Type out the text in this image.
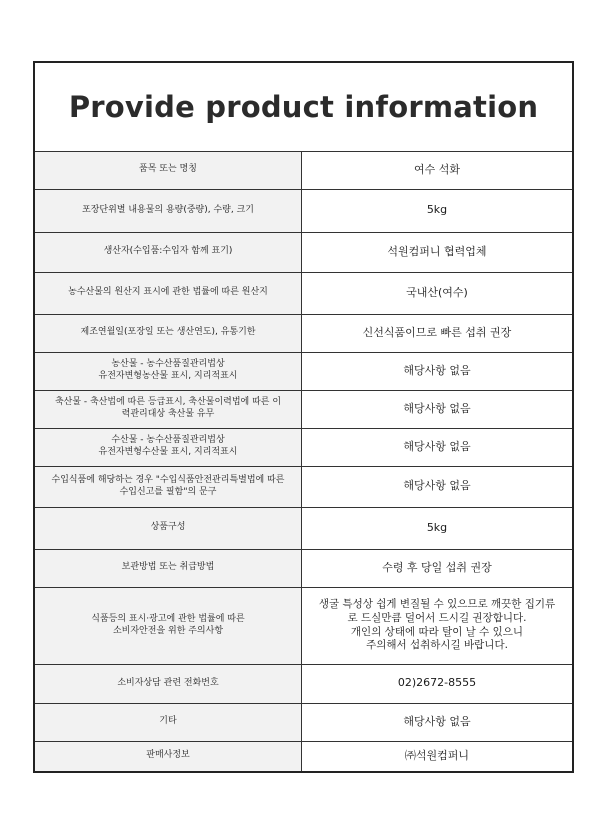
Provide product information
품목 또는 명칭	여수 석화
포장단위별 내용물의 용량(중량), 수량, 크기	5kg
생산자(수입품:수입자 함께 표기)	석원컴퍼니 협력업체
농수산물의 원산지 표시에 관한 법률에 따른 원산지	국내산(여수)
제조연월일(포장일 또는 생산연도), 유통기한	신선식품이므로 빠른 섭취 권장
농산물 - 농수산품질관리법상
유전자변형농산물 표시, 지리적표시	해당사항 없음
축산물 - 축산법에 따른 등급표시, 축산물이력법에 따른 이
력관리대상 축산물 유무	해당사항 없음
수산물 - 농수산품질관리법상
유전자변형수산물 표시, 지리적표시	해당사항 없음
수입식품에 해당하는 경우 "수입식품안전관리특별법에 따른
수입신고를 필함"의 문구	해당사항 없음
상품구성	5kg
보관방법 또는 취급방법	수령 후 당일 섭취 권장
식품등의 표시·광고에 관한 법률에 따른
소비자안전을 위한 주의사항	생굴 특성상 쉽게 변질될 수 있으므로 깨끗한 집기류
로 드실만큼 덜어서 드시길 권장합니다.
개인의 상태에 따라 탈이 날 수 있으니
주의해서 섭취하시길 바랍니다.
소비자상담 관련 전화번호	02)2672-8555
기타	해당사항 없음
판매사정보	㈜석원컴퍼니
